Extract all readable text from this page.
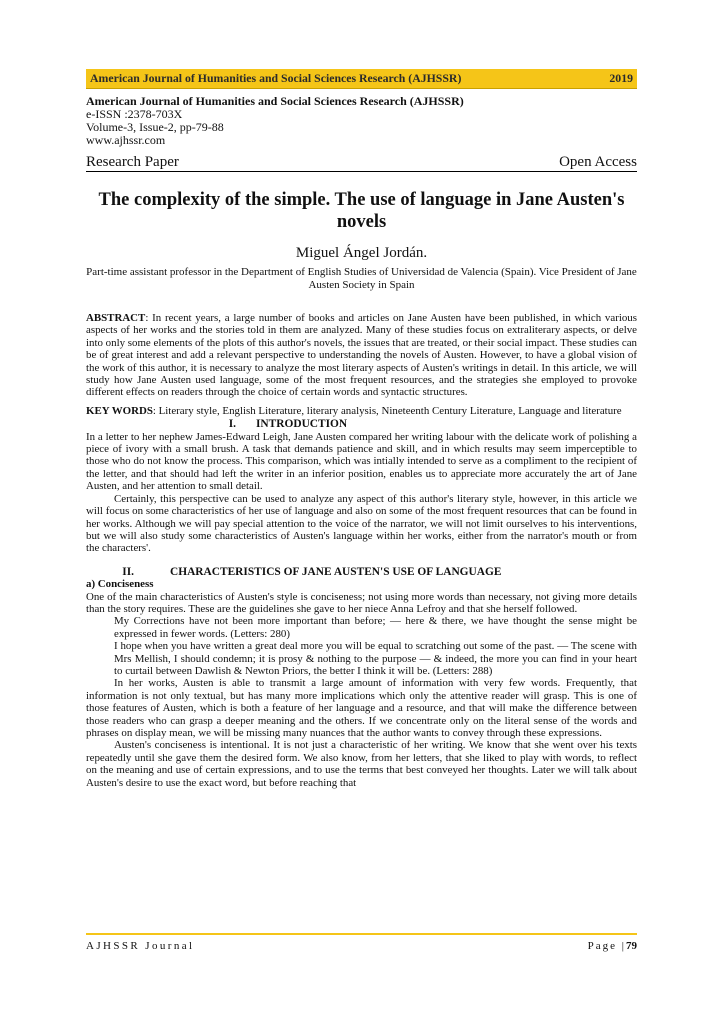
American Journal of Humanities and Social Sciences Research (AJHSSR)	2019
American Journal of Humanities and Social Sciences Research (AJHSSR)
e-ISSN :2378-703X
Volume-3, Issue-2, pp-79-88
www.ajhssr.com
Research Paper	Open Access
The complexity of the simple. The use of language in Jane Austen's novels
Miguel Ángel Jordán.
Part-time assistant professor in the Department of English Studies of Universidad de Valencia (Spain). Vice President of Jane Austen Society in Spain

ABSTRACT: In recent years, a large number of books and articles on Jane Austen have been published, in which various aspects of her works and the stories told in them are analyzed. Many of these studies focus on extraliterary aspects, or delve into only some elements of the plots of this author's novels, the issues that are treated, or their social impact. These studies can be of great interest and add a relevant perspective to understanding the novels of Austen. However, to have a global vision of the work of this author, it is necessary to analyze the most literary aspects of Austen's writings in detail. In this article, we will study how Jane Austen used language, some of the most frequent resources, and the strategies she employed to provoke different effects on readers through the choice of certain words and syntactic structures.

KEY WORDS: Literary style, English Literature, literary analysis, Nineteenth Century Literature, Language and literature

I.	INTRODUCTION

In a letter to her nephew James-Edward Leigh, Jane Austen compared her writing labour with the delicate work of polishing a piece of ivory with a small brush. A task that demands patience and skill, and in which results may seem imperceptible to those who do not know the process. This comparison, which was intially intended to serve as a compliment to the recipient of the letter, and that should had left the writer in an inferior position, enables us to appreciate more accurately the art of Jane Austen, and her attention to small detail.

Certainly, this perspective can be used to analyze any aspect of this author's literary style, however, in this article we will focus on some characteristics of her use of language and also on some of the most frequent resources that can be found in her works. Although we will pay special attention to the voice of the narrator, we will not limit ourselves to his interventions, but we will also study some characteristics of Austen's language within her works, either from the narrator's mouth or from the characters'.

II.	CHARACTERISTICS OF JANE AUSTEN'S USE OF LANGUAGE

a) Conciseness

One of the main characteristics of Austen's style is conciseness; not using more words than necessary, not giving more details than the story requires. These are the guidelines she gave to her niece Anna Lefroy and that she herself followed.

My Corrections have not been more important than before; — here & there, we have thought the sense might be expressed in fewer words. (Letters: 280)

I hope when you have written a great deal more you will be equal to scratching out some of the past. — The scene with Mrs Mellish, I should condemn; it is prosy & nothing to the purpose — & indeed, the more you can find in your heart to curtail between Dawlish & Newton Priors, the better I think it will be. (Letters: 288)

In her works, Austen is able to transmit a large amount of information with very few words. Frequently, that information is not only textual, but has many more implications which only the attentive reader will grasp. This is one of those features of Austen, which is both a feature of her language and a resource, and that will make the difference between those readers who can grasp a deeper meaning and the others. If we concentrate only on the literal sense of the words and phrases on display mean, we will be missing many nuances that the author wants to convey through these expressions.

Austen's conciseness is intentional. It is not just a characteristic of her writing. We know that she went over his texts repeatedly until she gave them the desired form. We also know, from her letters, that she liked to play with words, to reflect on the meaning and use of certain expressions, and to use the terms that best conveyed her thoughts. Later we will talk about Austen's desire to use the exact word, but before reaching that

AJHSSR Journal	Page |79
